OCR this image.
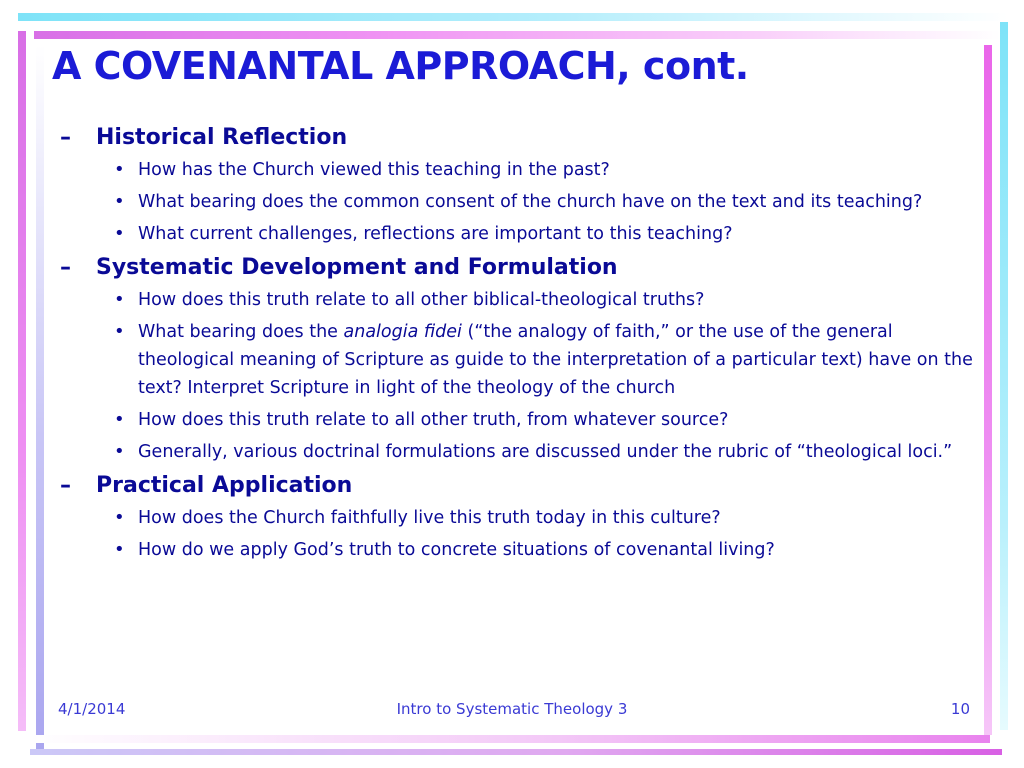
A COVENANTAL APPROACH, cont.
–	Historical Reflection
• How has the Church viewed this teaching in the past?
• What bearing does the common consent of the church have on the text and its teaching?
• What current challenges, reflections are important to this teaching?
–	Systematic Development and Formulation
• How does this truth relate to all other biblical-theological truths?
• What bearing does the analogia fidei (“the analogy of faith,” or the use of the general theological meaning of Scripture as guide to the interpretation of a particular text) have on the text? Interpret Scripture in light of the theology of the church
• How does this truth relate to all other truth, from whatever source?
• Generally, various doctrinal formulations are discussed under the rubric of “theological loci.”
–	Practical Application
• How does the Church faithfully live this truth today in this culture?
• How do we apply God’s truth to concrete situations of covenantal living?
4/1/2014	Intro to Systematic Theology 3	10
